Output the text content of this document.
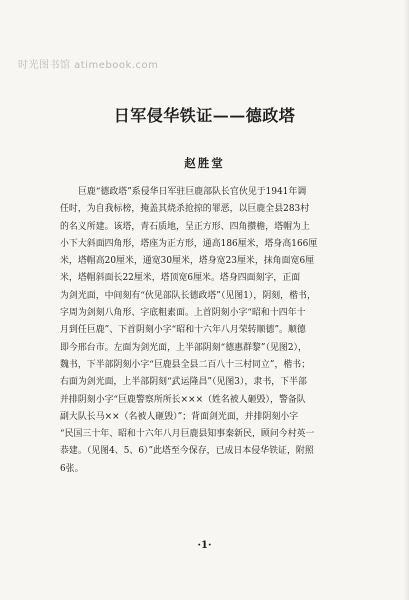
时光图书馆 atimebook.com
日军侵华铁证——德政塔
赵胜堂
巨鹿“德政塔”系侵华日军驻巨鹿部队长官伙见于1941年调
任时，为自我标榜，掩盖其烧杀抢掠的罪恶，以巨鹿全县283村
的名义所建。该塔，青石质地，呈正方形、四角攒檐，塔帽为上
小下大斜面四角形，塔座为正方形，通高186厘米，塔身高166厘
米，塔帽高20厘米，通宽30厘米，塔身宽23厘米，抹角面宽6厘
米，塔帽斜面长22厘米，塔顶宽6厘米。塔身四面刻字，正面
为剑光面，中间刻有“伙见部队长德政塔”（见图1），阴刻，楷书，
字周为剑刻八角形、字底粗素面。上首阴刻小字“昭和十四年十
月到任巨鹿”、下首阴刻小字“昭和十六年八月荣转顺德”。顺德
即今邢台市。左面为剑光面，上半部阴刻“德惠群黎”（见图2），
魏书，下半部阴刻小字“巨鹿县全县二百八十三村同立”，楷书；
右面为剑光面，上半部阴刻“武运隆昌”（见图3），隶书，下半部
并排阴刻小字“巨鹿警察所所长×××（姓名被人砸毁），警备队
副大队长马××（名被人砸毁）”；背面剑光面，并排阴刻小字
“民国三十年、昭和十六年八月巨鹿县知事秦新民，顾问今村英一
恭建。（见图4、5、6）”此塔至今保存，已成日本侵华铁证，附照
6张。
·1·
